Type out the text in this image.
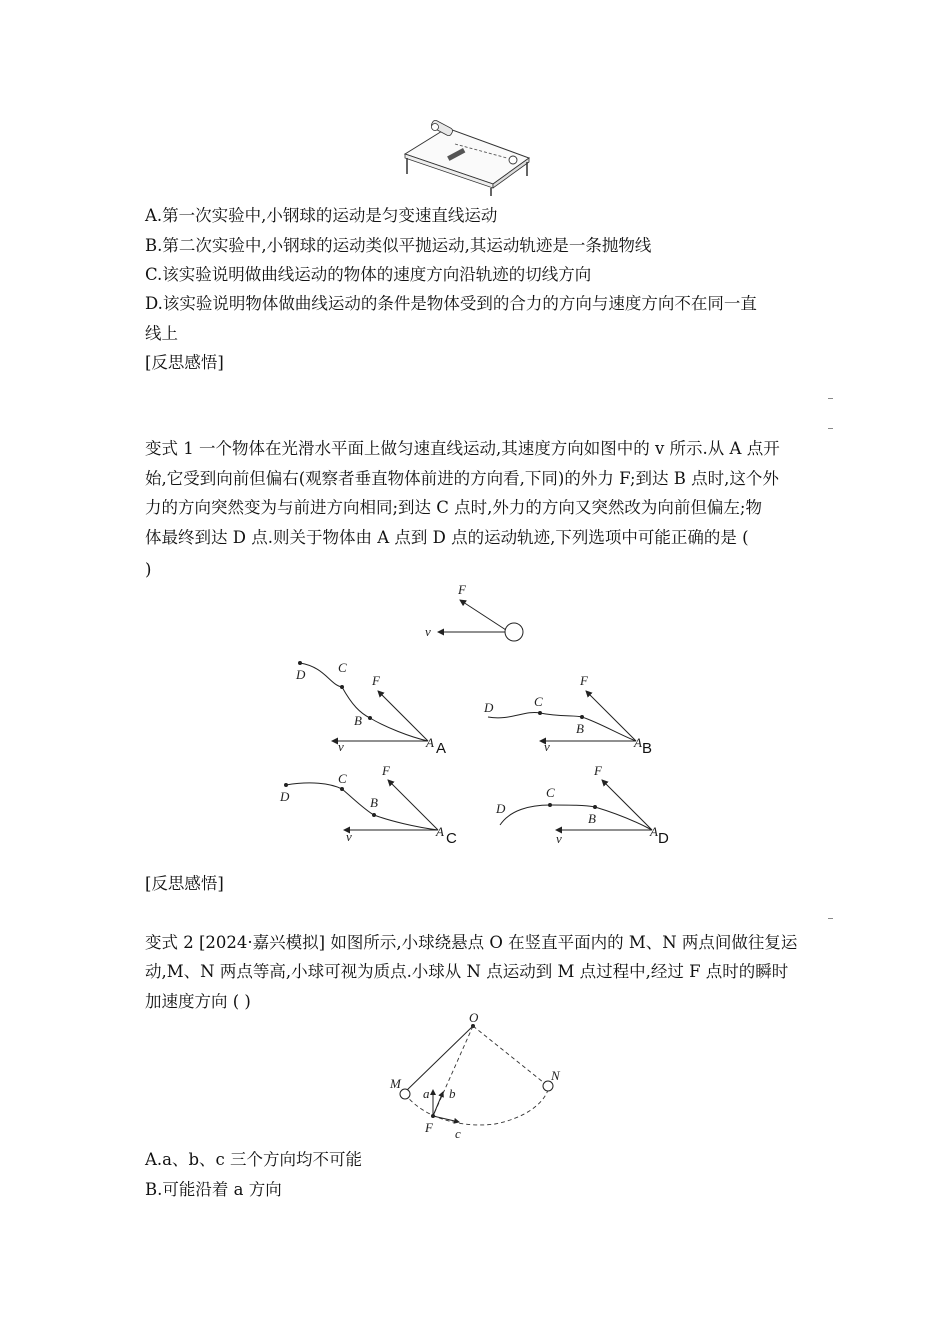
A.第一次实验中,小钢球的运动是匀变速直线运动
B.第二次实验中,小钢球的运动类似平抛运动,其运动轨迹是一条抛物线
C.该实验说明做曲线运动的物体的速度方向沿轨迹的切线方向
D.该实验说明物体做曲线运动的条件是物体受到的合力的方向与速度方向不在同一直
线上
[反思感悟]
变式 1 一个物体在光滑水平面上做匀速直线运动,其速度方向如图中的 v 所示.从 A 点开
始,它受到向前但偏右(观察者垂直物体前进的方向看,下同)的外力 F;到达 B 点时,这个外
力的方向突然变为与前进方向相同;到达 C 点时,外力的方向又突然改为向前但偏左;物
体最终到达 D 点.则关于物体由 A 点到 D 点的运动轨迹,下列选项中可能正确的是 (
)
F
v
D	C
B
F
v	A A
D	C
B
F
v	A B
D
C
B
F
v	A C
D
C
B
F
v	A D
[反思感悟]
变式 2 [2024·嘉兴模拟] 如图所示,小球绕悬点 O 在竖直平面内的 M、N 两点间做往复运
动,M、N 两点等高,小球可视为质点.小球从 N 点运动到 M 点过程中,经过 F 点时的瞬时
加速度方向 ( )
O
M
N
a b
c
F
A.a、b、c 三个方向均不可能
B.可能沿着 a 方向
